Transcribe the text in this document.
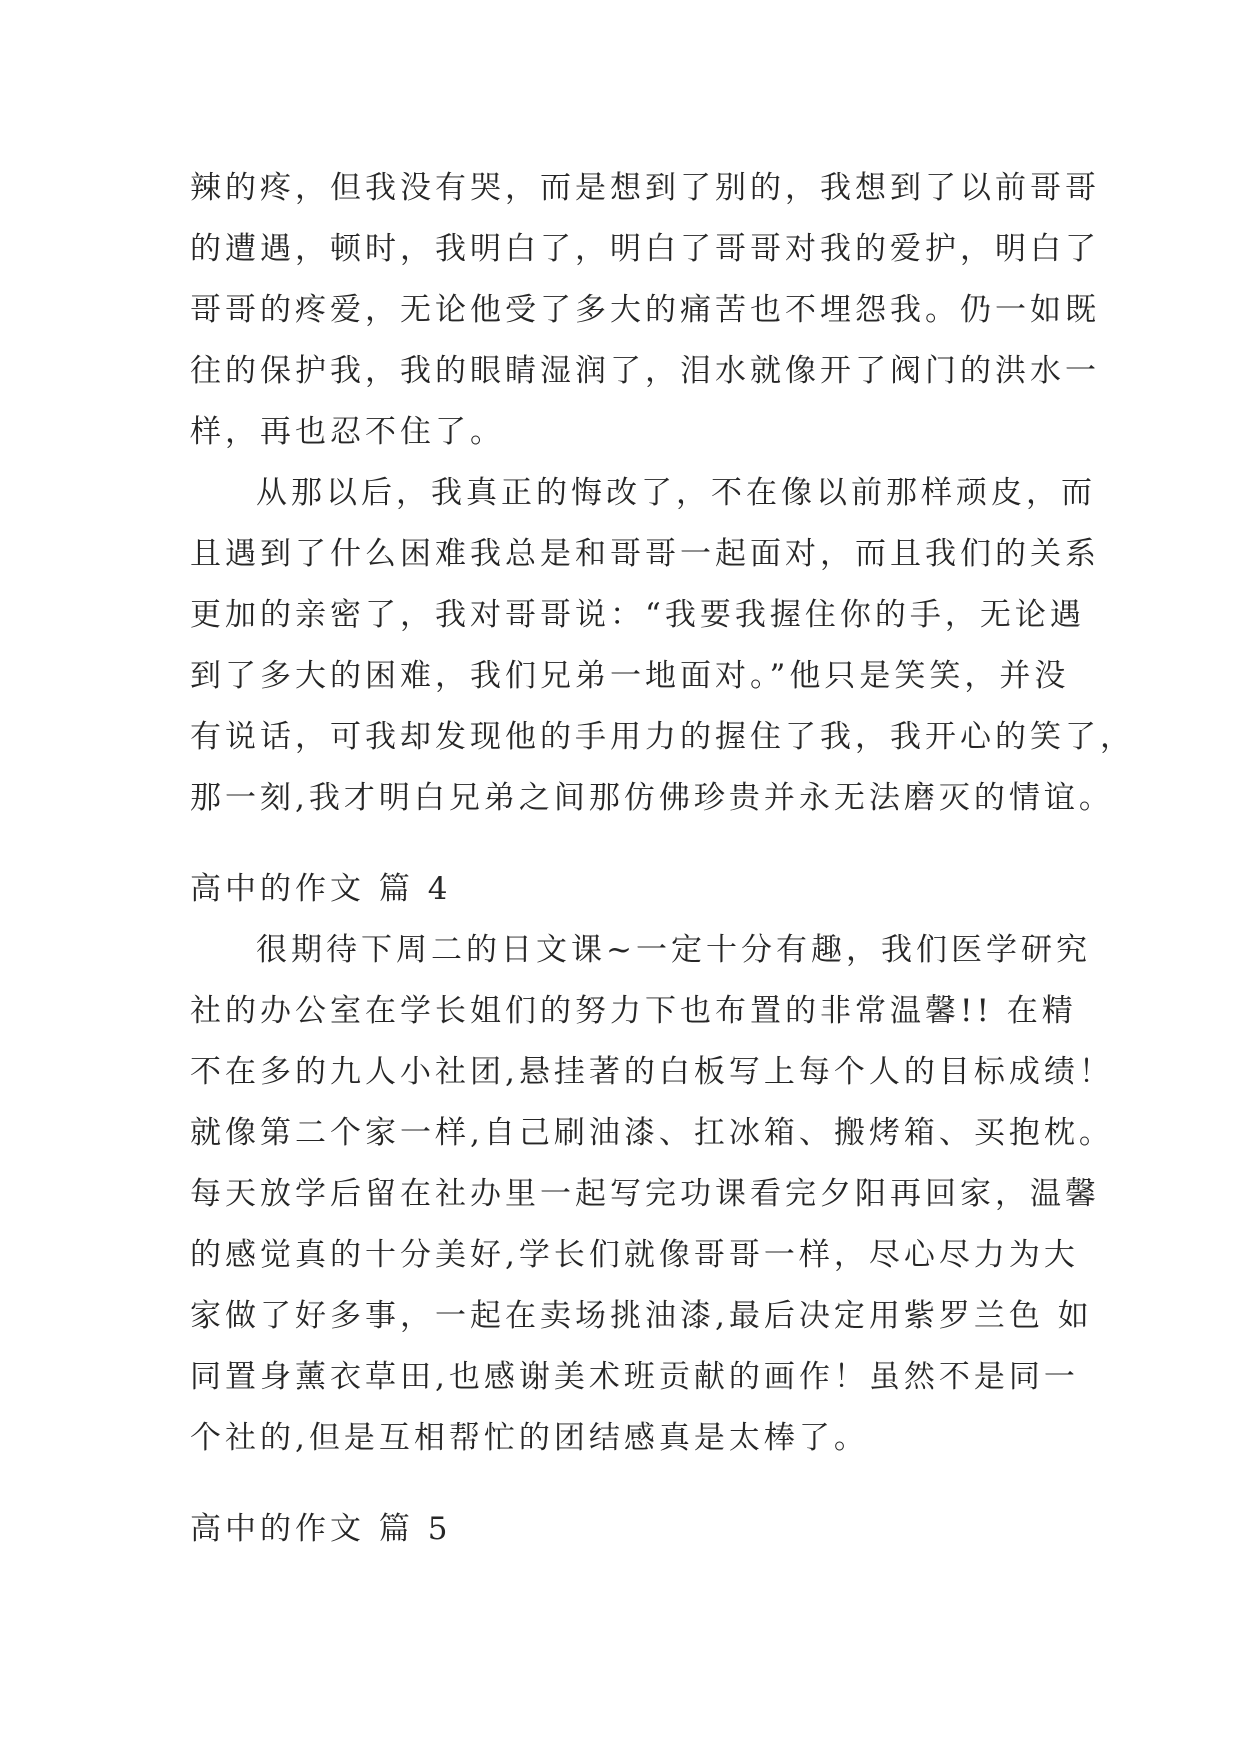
辣的疼，但我没有哭，而是想到了别的，我想到了以前哥哥
的遭遇，顿时，我明白了，明白了哥哥对我的爱护，明白了
哥哥的疼爱，无论他受了多大的痛苦也不埋怨我。仍一如既
往的保护我，我的眼睛湿润了，泪水就像开了阀门的洪水一
样，再也忍不住了。
从那以后，我真正的悔改了，不在像以前那样顽皮，而
且遇到了什么困难我总是和哥哥一起面对，而且我们的关系
更加的亲密了，我对哥哥说：“我要我握住你的手，无论遇
到了多大的困难，我们兄弟一地面对。”他只是笑笑，并没
有说话，可我却发现他的手用力的握住了我，我开心的笑了，
那一刻,我才明白兄弟之间那仿佛珍贵并永无法磨灭的情谊。
高中的作文 篇 4
很期待下周二的日文课~一定十分有趣，我们医学研究
社的办公室在学长姐们的努力下也布置的非常温馨!! 在精
不在多的九人小社团,悬挂著的白板写上每个人的目标成绩！
就像第二个家一样,自己刷油漆、扛冰箱、搬烤箱、买抱枕。
每天放学后留在社办里一起写完功课看完夕阳再回家，温馨
的感觉真的十分美好,学长们就像哥哥一样，尽心尽力为大
家做了好多事，一起在卖场挑油漆,最后决定用紫罗兰色 如
同置身薰衣草田,也感谢美术班贡献的画作！虽然不是同一
个社的,但是互相帮忙的团结感真是太棒了。
高中的作文 篇 5
